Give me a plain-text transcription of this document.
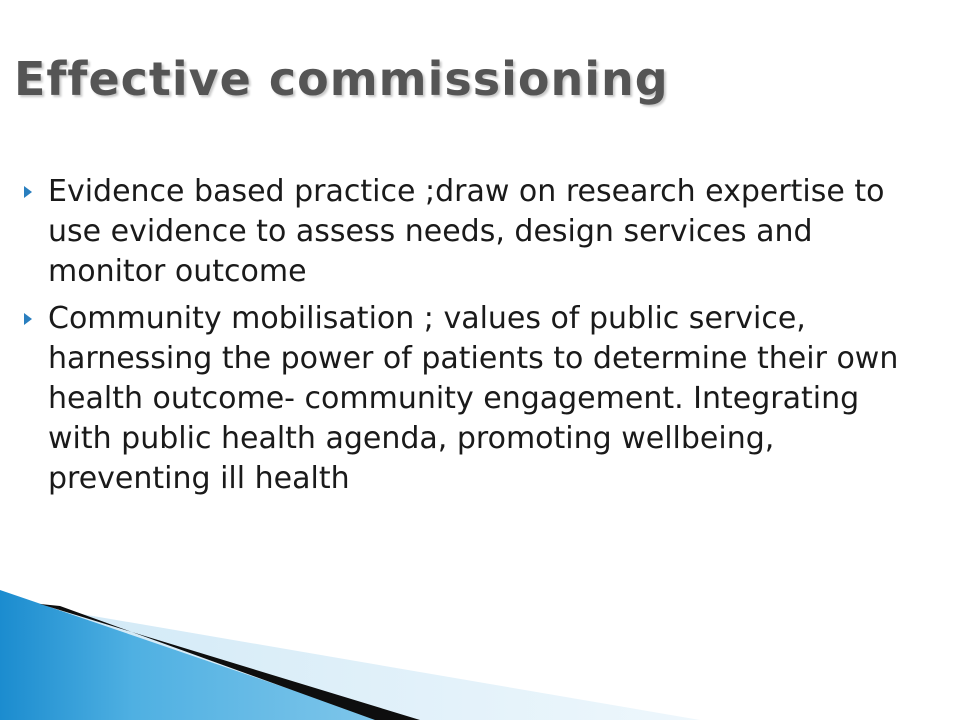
Effective commissioning
Evidence based practice ;draw on research expertise to use evidence to assess needs, design services and monitor outcome
Community mobilisation ; values of public service, harnessing the power of patients to determine their own health outcome- community engagement. Integrating with public health agenda, promoting wellbeing, preventing ill health
